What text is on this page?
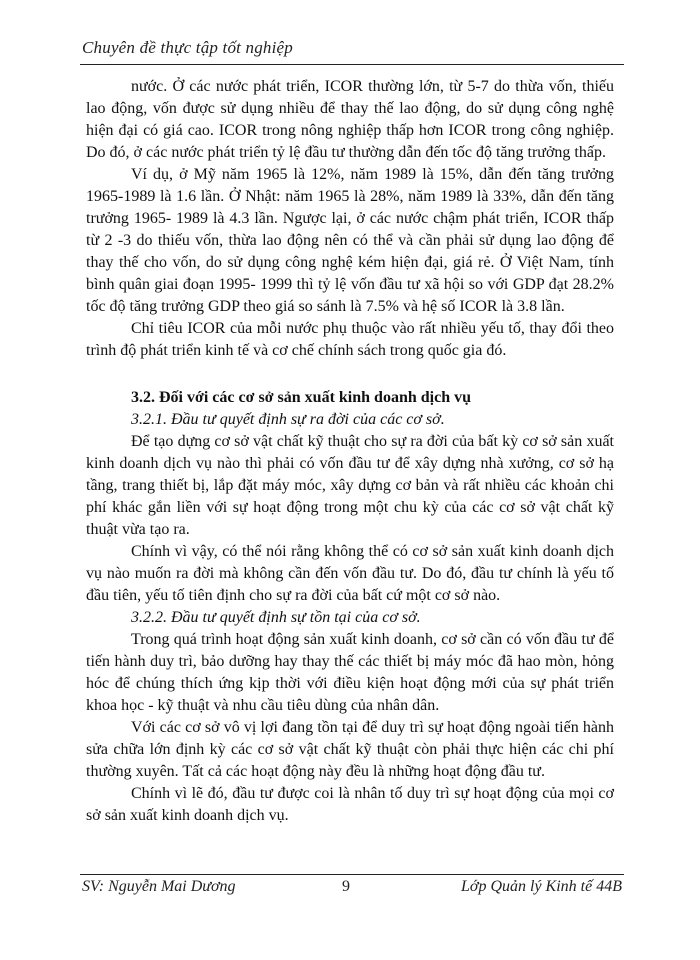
Chuyên đề thực tập tốt nghiệp

nước. Ở các nước phát triển, ICOR thường lớn, từ 5-7 do thừa vốn, thiếu lao động, vốn được sử dụng nhiều để thay thế lao động, do sử dụng công nghệ hiện đại có giá cao. ICOR trong nông nghiệp thấp hơn ICOR trong công nghiệp. Do đó, ở các nước phát triển tỷ lệ đầu tư thường dẫn đến tốc độ tăng trưởng thấp.

Ví dụ, ở Mỹ năm 1965 là 12%, năm 1989 là 15%, dẫn đến tăng trưởng 1965-1989 là 1.6 lần. Ở Nhật: năm 1965 là 28%, năm 1989 là 33%, dẫn đến tăng trưởng 1965- 1989 là 4.3 lần. Ngược lại, ở các nước chậm phát triển, ICOR thấp từ 2 -3 do thiếu vốn, thừa lao động nên có thể và cần phải sử dụng lao động để thay thế cho vốn, do sử dụng công nghệ kém hiện đại, giá rẻ. Ở Việt Nam, tính bình quân giai đoạn 1995- 1999 thì tỷ lệ vốn đầu tư xã hội so với GDP đạt 28.2% tốc độ tăng trưởng GDP theo giá so sánh là 7.5% và hệ số ICOR là 3.8 lần.

Chỉ tiêu ICOR của mỗi nước phụ thuộc vào rất nhiều yếu tố, thay đổi theo trình độ phát triển kinh tế và cơ chế chính sách trong quốc gia đó.

3.2. Đối với các cơ sở sản xuất kinh doanh dịch vụ

3.2.1. Đầu tư quyết định sự ra đời của các cơ sở.

Để tạo dựng cơ sở vật chất kỹ thuật cho sự ra đời của bất kỳ cơ sở sản xuất kinh doanh dịch vụ nào thì phải có vốn đầu tư để xây dựng nhà xưởng, cơ sở hạ tầng, trang thiết bị, lắp đặt máy móc, xây dựng cơ bản và rất nhiều các khoản chi phí khác gắn liền với sự hoạt động trong một chu kỳ của các cơ sở vật chất kỹ thuật vừa tạo ra.

Chính vì vậy, có thể nói rằng không thể có cơ sở sản xuất kinh doanh dịch vụ nào muốn ra đời mà không cần đến vốn đầu tư. Do đó, đầu tư chính là yếu tố đầu tiên, yếu tố tiên định cho sự ra đời của bất cứ một cơ sở nào.

3.2.2. Đầu tư quyết định sự tồn tại của cơ sở.

Trong quá trình hoạt động sản xuất kinh doanh, cơ sở cần có vốn đầu tư để tiến hành duy trì, bảo dưỡng hay thay thế các thiết bị máy móc đã hao mòn, hỏng hóc để chúng thích ứng kịp thời với điều kiện hoạt động mới của sự phát triển khoa học - kỹ thuật và nhu cầu tiêu dùng của nhân dân.

Với các cơ sở vô vị lợi đang tồn tại để duy trì sự hoạt động ngoài tiến hành sửa chữa lớn định kỳ các cơ sở vật chất kỹ thuật còn phải thực hiện các chi phí thường xuyên. Tất cả các hoạt động này đều là những hoạt động đầu tư.

Chính vì lẽ đó, đầu tư được coi là nhân tố duy trì sự hoạt động của mọi cơ sở sản xuất kinh doanh dịch vụ.

SV: Nguyễn Mai Dương	9	Lớp Quản lý Kinh tế 44B
